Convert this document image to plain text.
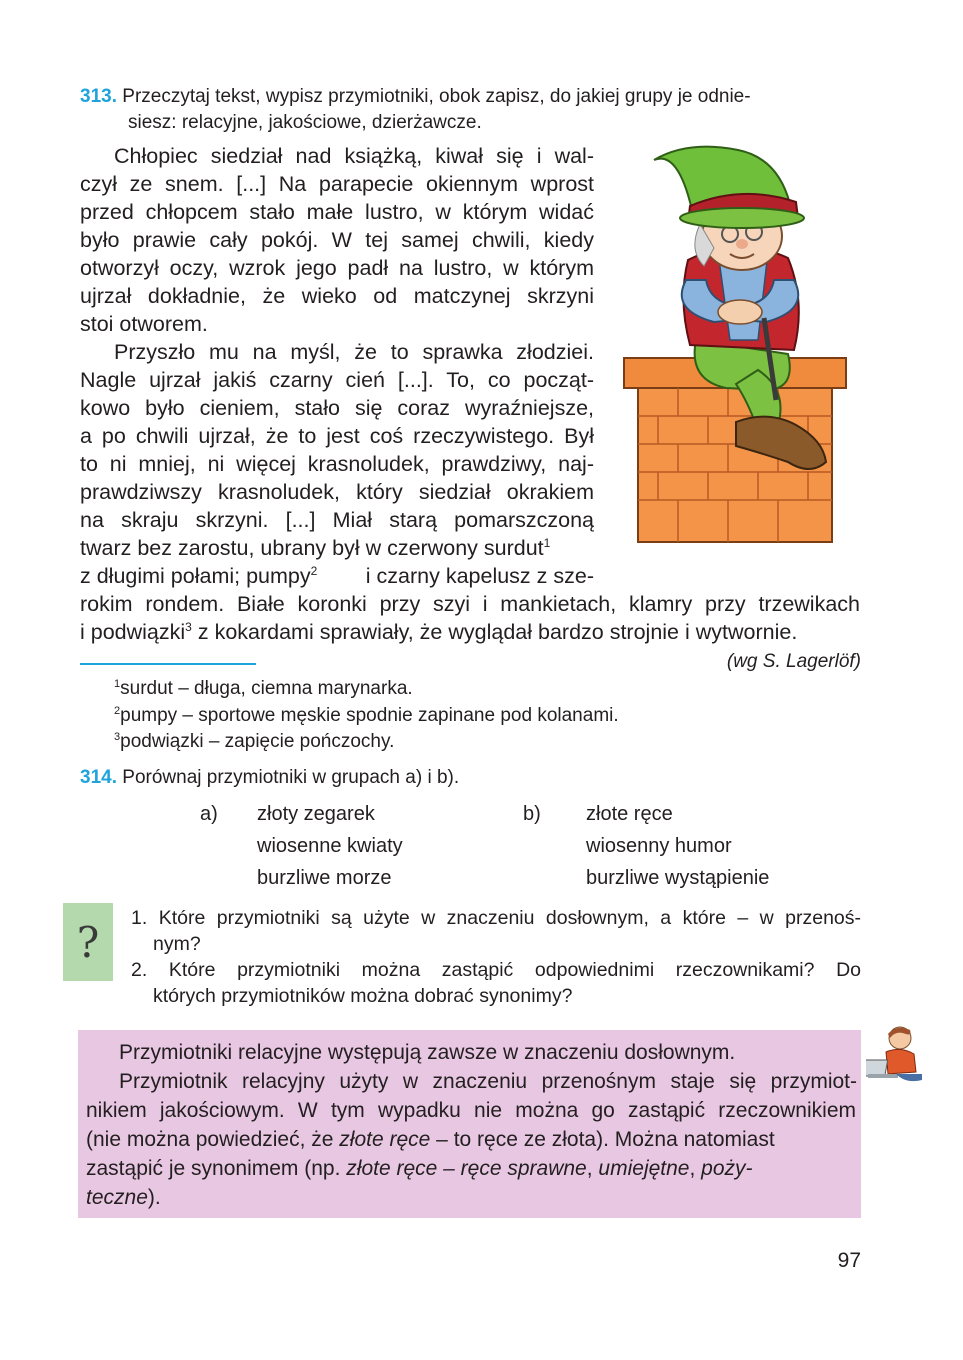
313. Przeczytaj tekst, wypisz przymiotniki, obok zapisz, do jakiej grupy je odnie-
siesz: relacyjne, jakościowe, dzierżawcze.
Chłopiec siedział nad książką, kiwał się i wal-
czył ze snem. [...] Na parapecie okiennym wprost
przed chłopcem stało małe lustro, w którym widać
było prawie cały pokój. W tej samej chwili, kiedy
otworzył oczy, wzrok jego padł na lustro, w którym
ujrzał dokładnie, że wieko od matczynej skrzyni
stoi otworem.
Przyszło mu na myśl, że to sprawka złodziei.
Nagle ujrzał jakiś czarny cień [...]. To, co począt-
kowo było cieniem, stało się coraz wyraźniejsze,
a po chwili ujrzał, że to jest coś rzeczywistego. Był
to ni mniej, ni więcej krasnoludek, prawdziwy, naj-
prawdziwszy krasnoludek, który siedział okrakiem
na skraju skrzyni. [...] Miał starą pomarszczoną
twarz bez zarostu, ubrany był w czerwony surdut$^1$
z długimi połami; pumpy$^2$ i czarny kapelusz z sze-
rokim rondem. Białe koronki przy szyi i mankietach, klamry przy trzewikach
i podwiązki$^3$ z kokardami sprawiały, że wyglądał bardzo strojnie i wytwornie.
(wg S. Lagerlöf)
$^1$surdut – długa, ciemna marynarka.
$^2$pumpy – sportowe męskie spodnie zapinane pod kolanami.
$^3$podwiązki – zapięcie pończochy.
314. Porównaj przymiotniki w grupach a) i b).
a) złoty zegarek
wiosenne kwiaty
burzliwe morze
b) złote ręce
wiosenny humor
burzliwe wystąpienie
? 1. Które przymiotniki są użyte w znaczeniu dosłownym, a które – w przenoś-
nym?
2. Które przymiotniki można zastąpić odpowiednimi rzeczownikami? Do
których przymiotników można dobrać synonimy?
Przymiotniki relacyjne występują zawsze w znaczeniu dosłownym.
Przymiotnik relacyjny użyty w znaczeniu przenośnym staje się przymiot-
nikiem jakościowym. W tym wypadku nie można go zastąpić rzeczownikiem
(nie można powiedzieć, że złote ręce – to ręce ze złota). Można natomiast
zastąpić je synonimem (np. złote ręce – ręce sprawne, umiejętne, poży-
teczne).
97
